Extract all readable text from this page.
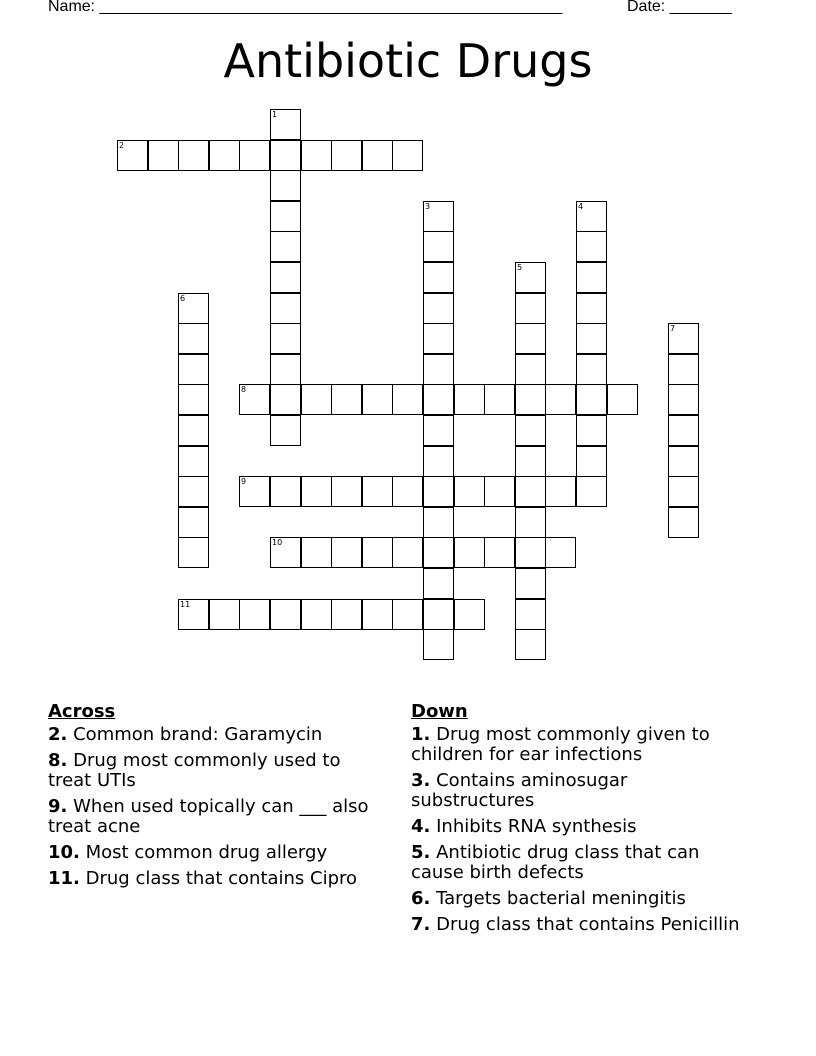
Name: ____________________________________________________	Date: _______
Antibiotic Drugs
1
2
3	4
5
6
7
8
9
10
11
Across
2. Common brand: Garamycin
8. Drug most commonly used to treat UTIs
9. When used topically can ___ also treat acne
10. Most common drug allergy
11. Drug class that contains Cipro
Down
1. Drug most commonly given to children for ear infections
3. Contains aminosugar substructures
4. Inhibits RNA synthesis
5. Antibiotic drug class that can cause birth defects
6. Targets bacterial meningitis
7. Drug class that contains Penicillin
